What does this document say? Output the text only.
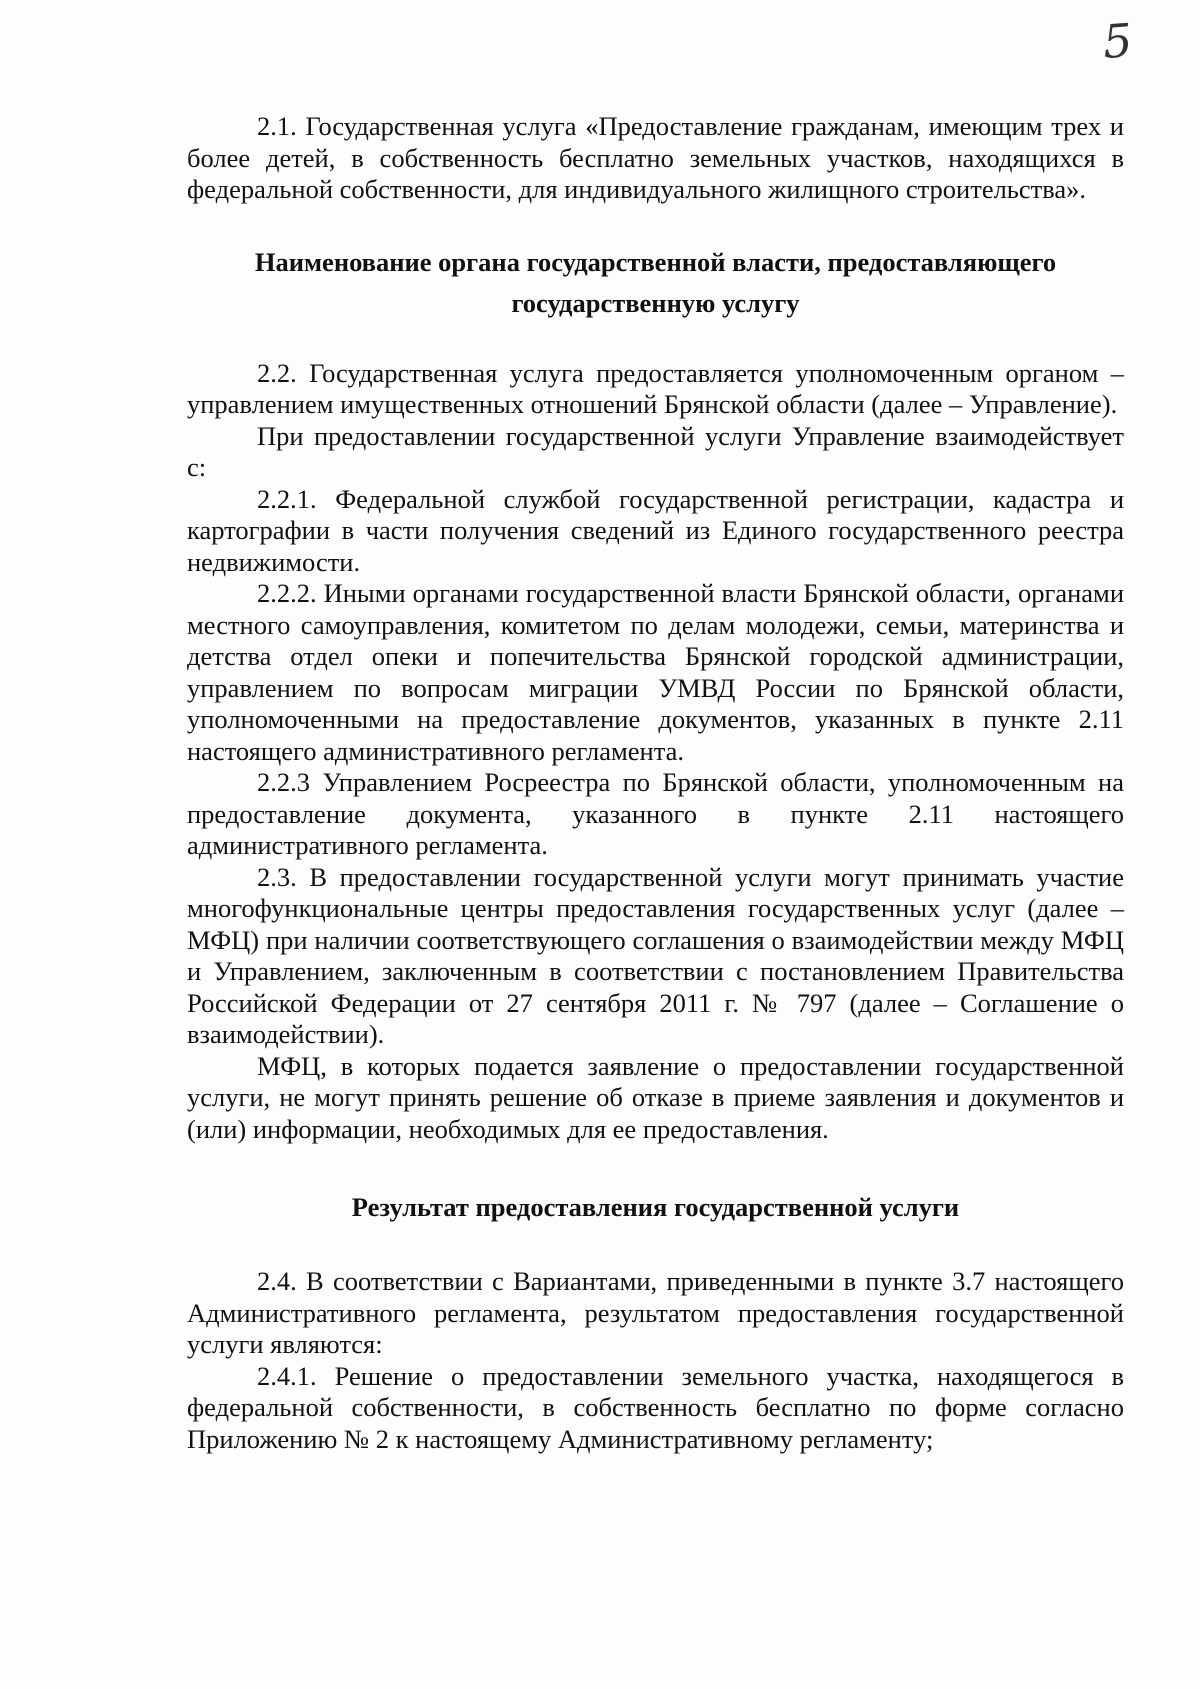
5

2.1. Государственная услуга «Предоставление гражданам, имеющим трех и более детей, в собственность бесплатно земельных участков, находящихся в федеральной собственности, для индивидуального жилищного строительства».

Наименование органа государственной власти, предоставляющего государственную услугу

2.2. Государственная услуга предоставляется уполномоченным органом – управлением имущественных отношений Брянской области (далее – Управление).

При предоставлении государственной услуги Управление взаимодействует с:

2.2.1. Федеральной службой государственной регистрации, кадастра и картографии в части получения сведений из Единого государственного реестра недвижимости.

2.2.2. Иными органами государственной власти Брянской области, органами местного самоуправления, комитетом по делам молодежи, семьи, материнства и детства отдел опеки и попечительства Брянской городской администрации, управлением по вопросам миграции УМВД России по Брянской области, уполномоченными на предоставление документов, указанных в пункте 2.11 настоящего административного регламента.

2.2.3 Управлением Росреестра по Брянской области, уполномоченным на предоставление документа, указанного в пункте 2.11 настоящего административного регламента.

2.3. В предоставлении государственной услуги могут принимать участие многофункциональные центры предоставления государственных услуг (далее – МФЦ) при наличии соответствующего соглашения о взаимодействии между МФЦ и Управлением, заключенным в соответствии с постановлением Правительства Российской Федерации от 27 сентября 2011 г. № 797 (далее – Соглашение о взаимодействии).

МФЦ, в которых подается заявление о предоставлении государственной услуги, не могут принять решение об отказе в приеме заявления и документов и (или) информации, необходимых для ее предоставления.

Результат предоставления государственной услуги

2.4. В соответствии с Вариантами, приведенными в пункте 3.7 настоящего Административного регламента, результатом предоставления государственной услуги являются:

2.4.1. Решение о предоставлении земельного участка, находящегося в федеральной собственности, в собственность бесплатно по форме согласно Приложению № 2 к настоящему Административному регламенту;
